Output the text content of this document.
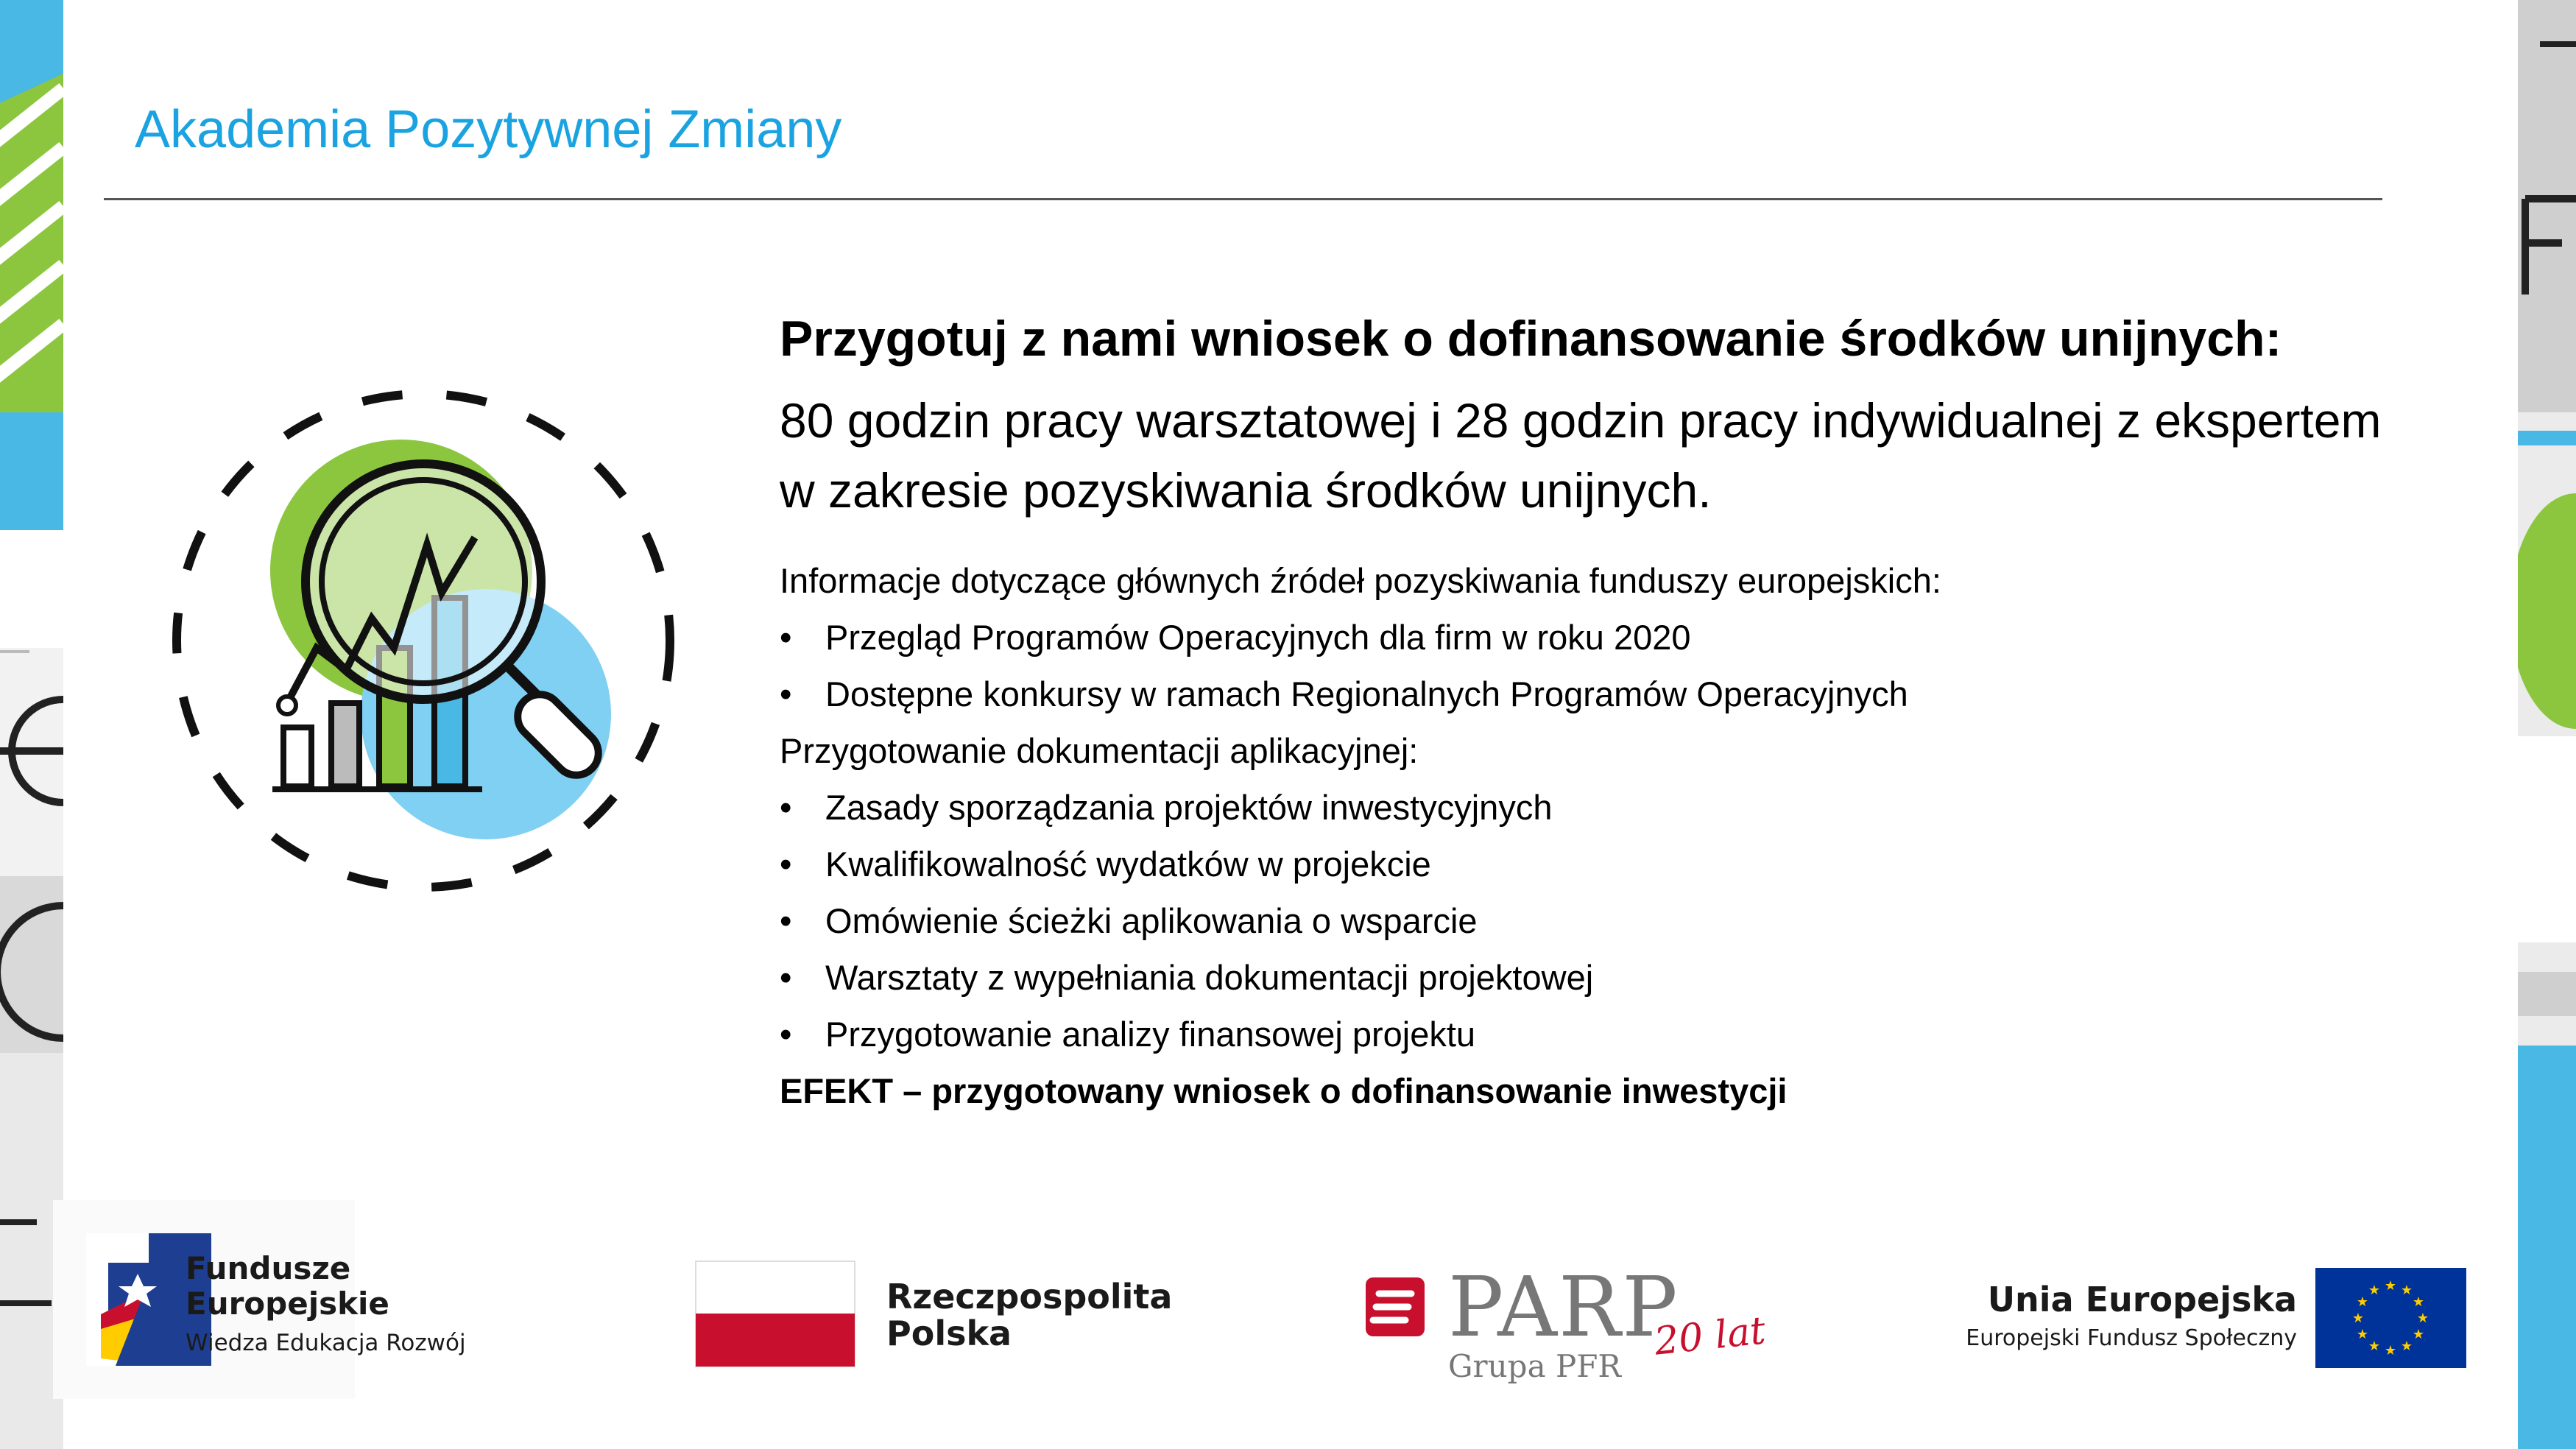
Akademia Pozytywnej Zmiany
Przygotuj z nami wniosek o dofinansowanie środków unijnych:
80 godzin pracy warsztatowej i 28 godzin pracy indywidualnej z ekspertem w zakresie pozyskiwania środków unijnych.
Informacje dotyczące głównych źródeł pozyskiwania funduszy europejskich:
• Przegląd Programów Operacyjnych dla firm w roku 2020
• Dostępne konkursy w ramach Regionalnych Programów Operacyjnych
Przygotowanie dokumentacji aplikacyjnej:
• Zasady sporządzania projektów inwestycyjnych
• Kwalifikowalność wydatków w projekcie
• Omówienie ścieżki aplikowania o wsparcie
• Warsztaty z wypełniania dokumentacji projektowej
• Przygotowanie analizy finansowej projektu
EFEKT – przygotowany wniosek o dofinansowanie inwestycji
Fundusze
Europejskie
Wiedza Edukacja Rozwój
Rzeczpospolita
Polska	PARP
20 lat
Grupa PFR
Unia Europejska
Europejski Fundusz Społeczny
★ ★
★
★
★
★
★
★
★
★
★
★
